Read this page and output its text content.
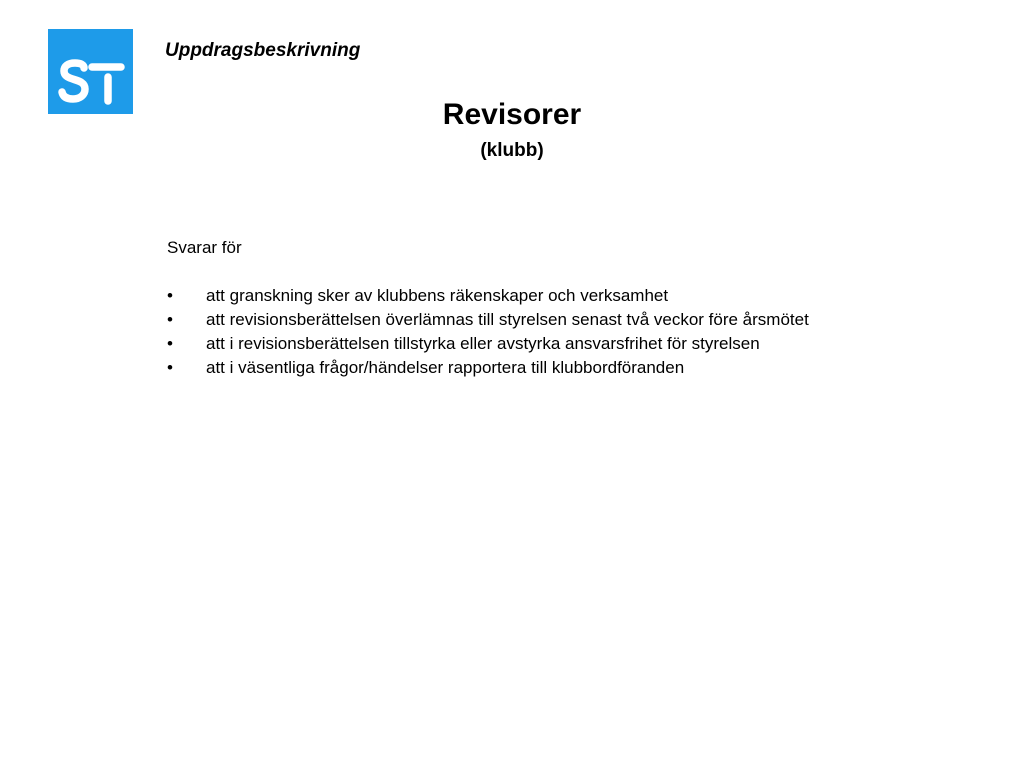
Uppdragsbeskrivning
Revisorer
(klubb)
Svarar för
• att granskning sker av klubbens räkenskaper och verksamhet
• att revisionsberättelsen överlämnas till styrelsen senast två veckor före årsmötet
• att i revisionsberättelsen tillstyrka eller avstyrka ansvarsfrihet för styrelsen
• att i väsentliga frågor/händelser rapportera till klubbordföranden
